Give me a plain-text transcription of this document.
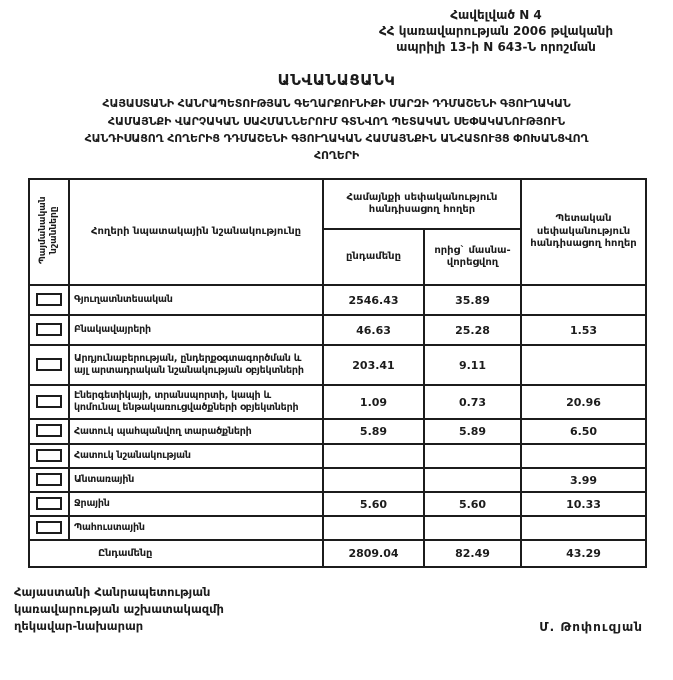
Հավելված N 4
ՀՀ կառավարության 2006 թվականի
ապրիլի 13-ի N 643-Ն որոշման
ԱՆՎԱՆԱՑԱՆԿ
ՀԱՅԱՍՏԱՆԻ ՀԱՆՐԱՊԵՏՈՒԹՅԱՆ ԳԵՂԱՐՔՈՒՆԻՔԻ ՄԱՐԶԻ ԴԴՄԱՇԵՆԻ ԳՅՈՒՂԱԿԱՆ
ՀԱՄԱՅՆՔԻ ՎԱՐՉԱԿԱՆ ՍԱՀՄԱՆՆԵՐՈՒՄ ԳՏՆՎՈՂ ՊԵՏԱԿԱՆ ՍԵՓԱԿԱՆՈՒԹՅՈՒՆ
ՀԱՆԴԻՍԱՑՈՂ ՀՈՂԵՐԻՑ ԴԴՄԱՇԵՆԻ ԳՅՈՒՂԱԿԱՆ ՀԱՄԱՅՆՔԻՆ ԱՆՀԱՏՈՒՅՑ ՓՈԽԱՆՑՎՈՂ
ՀՈՂԵՐԻ
Պայմանական նշանները	Հողերի նպատակային նշանակությունը	Համայնքի սեփականություն հանդիսացող հողեր		Պետական սեփականություն հանդիսացող հողեր
		ընդամենը	որից` մասնա-վորեցվող	
	Գյուղատնտեսական	2546.43	35.89	
	Բնակավայրերի	46.63	25.28	1.53
	Արդյունաբերության, ընդերքօգտագործման և այլ արտադրական նշանակության օբյեկտների	203.41	9.11	
	Էներգետիկայի, տրանսպորտի, կապի և կոմունալ ենթակառուցվածքների օբյեկտների	1.09	0.73	20.96
	Հատուկ պահպանվող տարածքների	5.89	5.89	6.50
	Հատուկ նշանակության			
	Անտառային			3.99
	Ջրային	5.60	5.60	10.33
	Պահուստային			
Ընդամենը		2809.04	82.49	43.29
Հայաստանի Հանրապետության
կառավարության աշխատակազմի
ղեկավար-նախարար	Մ. Թոփուզյան
